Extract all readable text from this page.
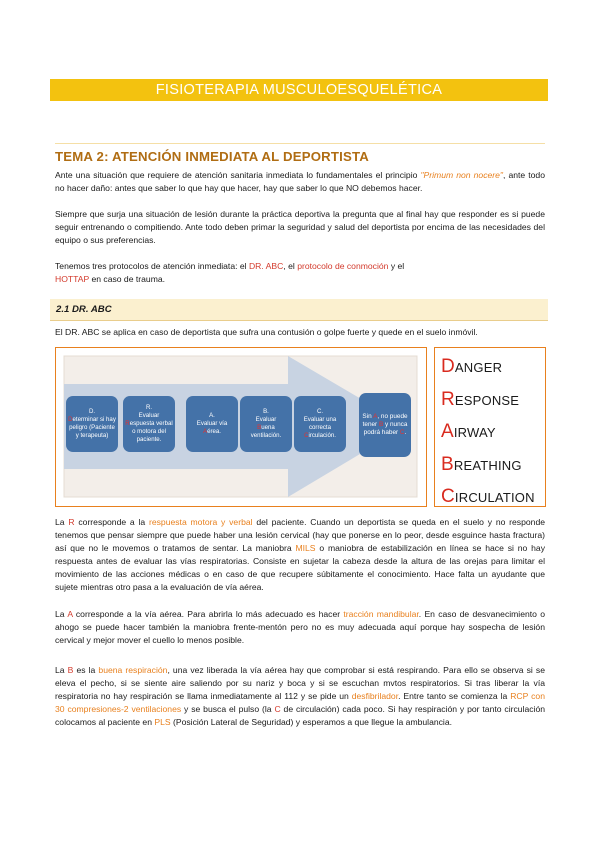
FISIOTERAPIA MUSCULOESQUELÉTICA
TEMA 2: ATENCIÓN INMEDIATA AL DEPORTISTA

Ante una situación que requiere de atención sanitaria inmediata lo fundamentales el principio "Primum non nocere", ante todo no hacer daño: antes que saber lo que hay que hacer, hay que saber lo que NO debemos hacer.

Siempre que surja una situación de lesión durante la práctica deportiva la pregunta que al final hay que responder es si puede seguir entrenando o compitiendo. Ante todo deben primar la seguridad y salud del deportista por encima de las necesidades del equipo o sus preferencias.

Tenemos tres protocolos de atención inmediata: el DR. ABC, el protocolo de conmoción y el
HOTTAP en caso de trauma.

2.1 DR. ABC

El DR. ABC se aplica en caso de deportista que sufra una contusión o golpe fuerte y quede en el suelo inmóvil.

D.
Determinar si hay peligro (Paciente y terapeuta)
R.
Evaluar
Respuesta verbal o motora del paciente.
A.
Evaluar vía
Aérea.
B.
Evaluar
Buena ventilación.
C.
Evaluar una correcta
Circulación.
Sin A, no puede tener B y nunca podrá haber C.
DANGER
RESPONSE
AIRWAY
BREATHING
CIRCULATION

La R corresponde a la respuesta motora y verbal del paciente. Cuando un deportista se queda en el suelo y no responde tenemos que pensar siempre que puede haber una lesión cervical (hay que ponerse en lo peor, desde esguince hasta fractura) así que no le movemos o tratamos de sentar. La maniobra MILS o maniobra de estabilización en línea se hace si no hay respuesta antes de evaluar las vías respiratorias. Consiste en sujetar la cabeza desde la altura de las orejas para limitar el movimiento de las acciones médicas o en caso de que recupere súbitamente el conocimiento. Hace falta un ayudante que sujete mientras otro pasa a la evaluación de vía aérea.

La A corresponde a la vía aérea. Para abrirla lo más adecuado es hacer tracción mandibular. En caso de desvanecimiento o ahogo se puede hacer también la maniobra frente-mentón pero no es muy adecuada aquí porque hay sospecha de lesión cervical y mejor mover el cuello lo menos posible.

La B es la buena respiración, una vez liberada la vía aérea hay que comprobar si está respirando. Para ello se observa si se eleva el pecho, si se siente aire saliendo por su nariz y boca y si se escuchan mvtos respiratorios. Si tras liberar la vía respiratoria no hay respiración se llama inmediatamente al 112 y se pide un desfibrilador. Entre tanto se comienza la RCP con 30 compresiones-2 ventilaciones y se busca el pulso (la C de circulación) cada poco. Si hay respiración y por tanto circulación colocamos al paciente en PLS (Posición Lateral de Seguridad) y esperamos a que llegue la ambulancia.
